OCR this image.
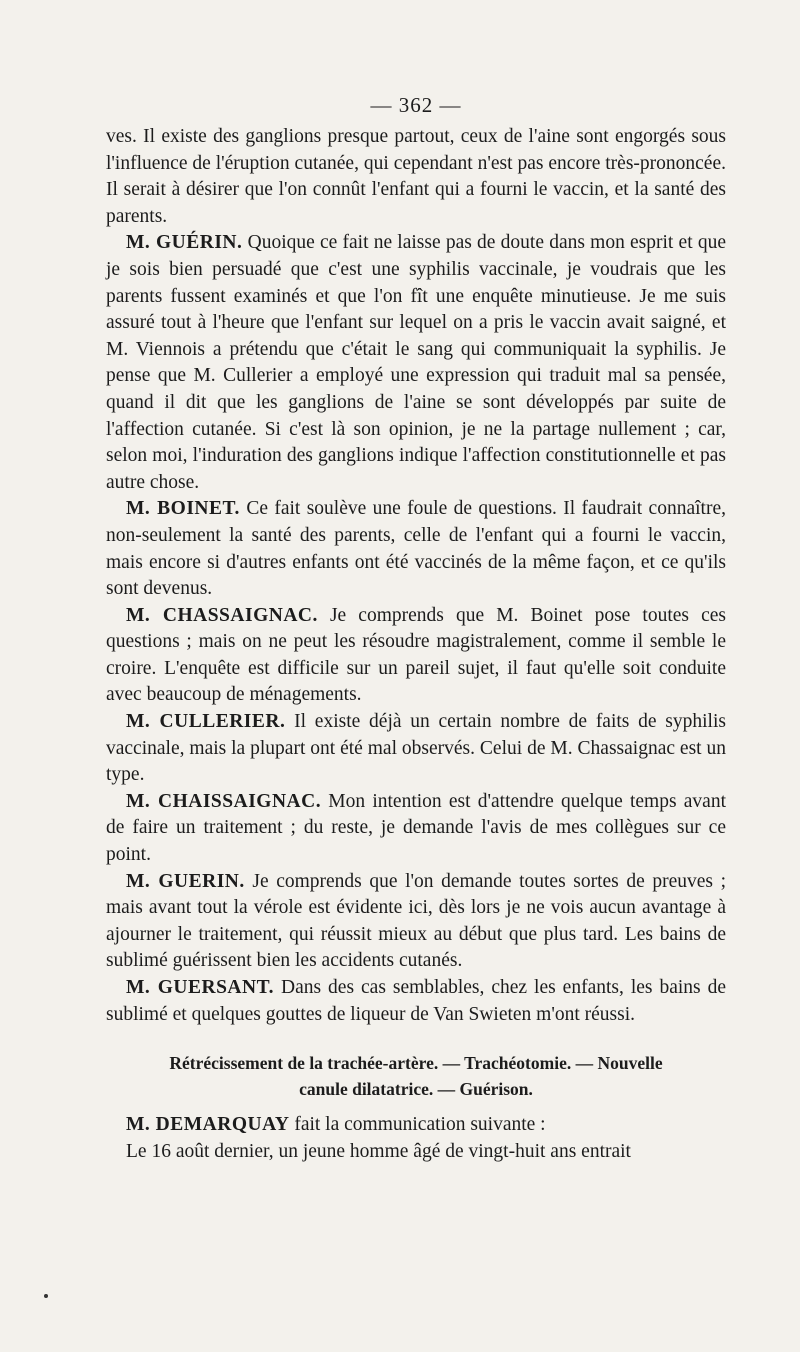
— 362 —

ves. Il existe des ganglions presque partout, ceux de l'aine sont engorgés sous l'influence de l'éruption cutanée, qui cependant n'est pas encore très-prononcée. Il serait à désirer que l'on connût l'enfant qui a fourni le vaccin, et la santé des parents.

M. GUÉRIN. Quoique ce fait ne laisse pas de doute dans mon esprit et que je sois bien persuadé que c'est une syphilis vaccinale, je voudrais que les parents fussent examinés et que l'on fît une enquête minutieuse. Je me suis assuré tout à l'heure que l'enfant sur lequel on a pris le vaccin avait saigné, et M. Viennois a prétendu que c'était le sang qui communiquait la syphilis. Je pense que M. Cullerier a employé une expression qui traduit mal sa pensée, quand il dit que les ganglions de l'aine se sont développés par suite de l'affection cutanée. Si c'est là son opinion, je ne la partage nullement ; car, selon moi, l'induration des ganglions indique l'affection constitutionnelle et pas autre chose.

M. BOINET. Ce fait soulève une foule de questions. Il faudrait connaître, non-seulement la santé des parents, celle de l'enfant qui a fourni le vaccin, mais encore si d'autres enfants ont été vaccinés de la même façon, et ce qu'ils sont devenus.

M. CHASSAIGNAC. Je comprends que M. Boinet pose toutes ces questions ; mais on ne peut les résoudre magistralement, comme il semble le croire. L'enquête est difficile sur un pareil sujet, il faut qu'elle soit conduite avec beaucoup de ménagements.

M. CULLERIER. Il existe déjà un certain nombre de faits de syphilis vaccinale, mais la plupart ont été mal observés. Celui de M. Chassaignac est un type.

M. CHAISSAIGNAC. Mon intention est d'attendre quelque temps avant de faire un traitement ; du reste, je demande l'avis de mes collègues sur ce point.

M. GUERIN. Je comprends que l'on demande toutes sortes de preuves ; mais avant tout la vérole est évidente ici, dès lors je ne vois aucun avantage à ajourner le traitement, qui réussit mieux au début que plus tard. Les bains de sublimé guérissent bien les accidents cutanés.

M. GUERSANT. Dans des cas semblables, chez les enfants, les bains de sublimé et quelques gouttes de liqueur de Van Swieten m'ont réussi.

Rétrécissement de la trachée-artère. — Trachéotomie. — Nouvelle
canule dilatatrice. — Guérison.

M. DEMARQUAY fait la communication suivante :

Le 16 août dernier, un jeune homme âgé de vingt-huit ans entrait
